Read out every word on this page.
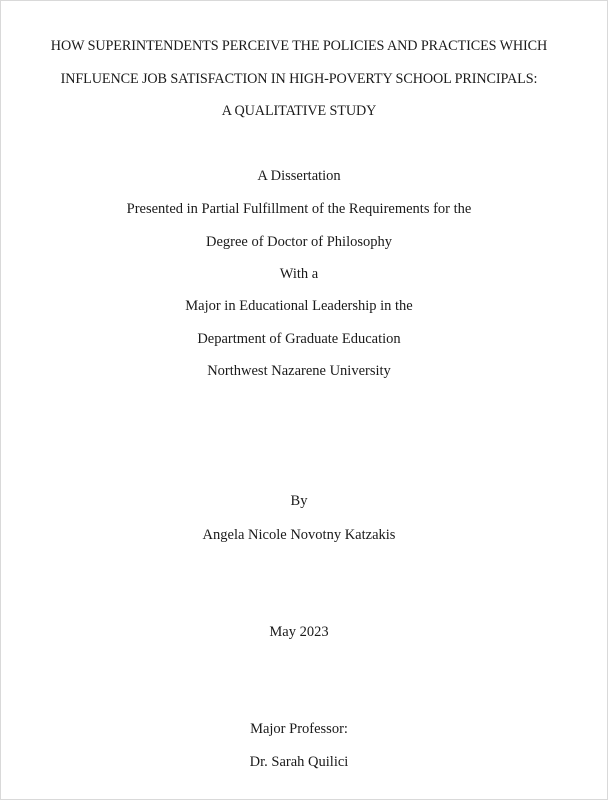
HOW SUPERINTENDENTS PERCEIVE THE POLICIES AND PRACTICES WHICH
INFLUENCE JOB SATISFACTION IN HIGH-POVERTY SCHOOL PRINCIPALS:
A QUALITATIVE STUDY
A Dissertation
Presented in Partial Fulfillment of the Requirements for the
Degree of Doctor of Philosophy
With a
Major in Educational Leadership in the
Department of Graduate Education
Northwest Nazarene University
By
Angela Nicole Novotny Katzakis
May 2023
Major Professor:
Dr. Sarah Quilici
